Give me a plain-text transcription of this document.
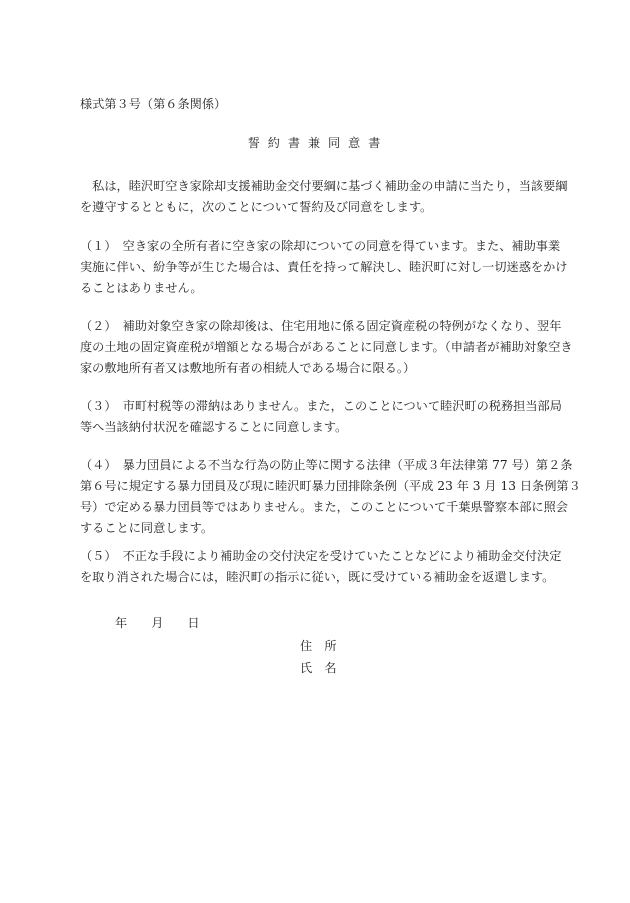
様式第３号（第６条関係）
誓 約 書 兼 同 意 書
　私は，睦沢町空き家除却支援補助金交付要綱に基づく補助金の申請に当たり，当該要綱
を遵守するとともに，次のことについて誓約及び同意をします。
（１）　空き家の全所有者に空き家の除却についての同意を得ています。また、補助事業
実施に伴い、紛争等が生じた場合は、責任を持って解決し、睦沢町に対し一切迷惑をかけ
ることはありません。
（２）　補助対象空き家の除却後は、住宅用地に係る固定資産税の特例がなくなり、翌年
度の土地の固定資産税が増額となる場合があることに同意します。（申請者が補助対象空き
家の敷地所有者又は敷地所有者の相続人である場合に限る。）
（３）　市町村税等の滞納はありません。また，このことについて睦沢町の税務担当部局
等へ当該納付状況を確認することに同意します。
（４）　暴力団員による不当な行為の防止等に関する法律（平成３年法律第 77 号）第２条
第６号に規定する暴力団員及び現に睦沢町暴力団排除条例（平成 23 年 3 月 13 日条例第３
号）で定める暴力団員等ではありません。また，このことについて千葉県警察本部に照会
することに同意します。
（５）　不正な手段により補助金の交付決定を受けていたことなどにより補助金交付決定
を取り消された場合には，睦沢町の指示に従い，既に受けている補助金を返還します。
年 月 日
住　所
氏　名
